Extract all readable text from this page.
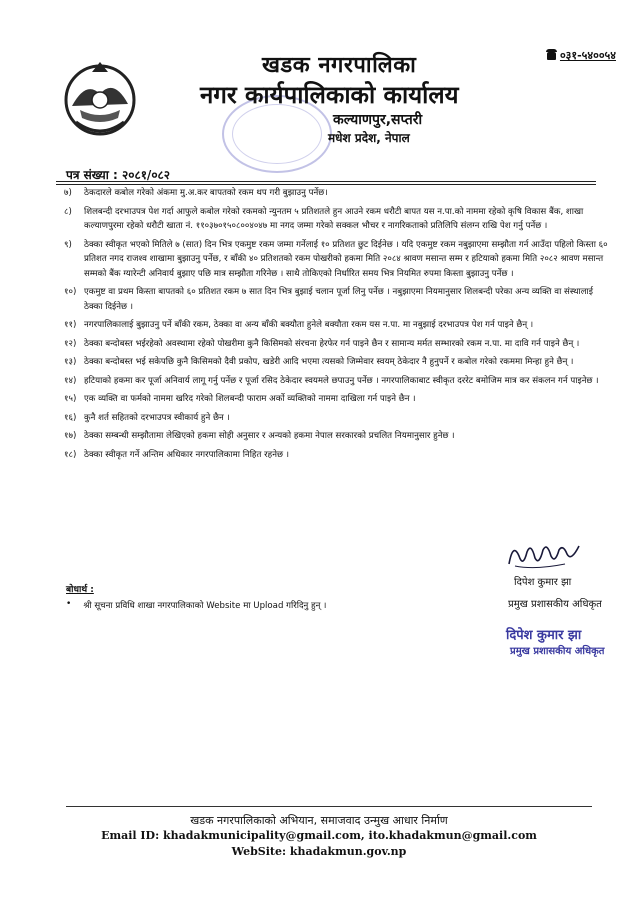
०३१-५४००५४
खडक नगरपालिका
नगर कार्यपालिकाको कार्यालय
कल्याणपुर,सप्तरी
मधेश प्रदेश, नेपाल
पत्र संख्या : २०८१/०८२
७)	ठेकदारले कबोल गरेको अंकमा मु.अ.कर बापतको रकम थप गरी बुझाउनु पर्नेछ।
८)	शिलबन्दी दरभाउपत्र पेश गर्दा आफुले कबोल गरेको रकमको न्युनतम ५ प्रतिशतले हुन आउने रकम धरौटी बापत यस न.पा.को नाममा रहेको कृषि विकास बैंक, शाखा कल्याणपुरमा रहेको धरौटी खाता नं. ११०३७०१५०८००४०४७ मा नगद जम्मा गरेको सक्कल भौचर र नागरिकताको प्रतिलिपि संलग्न राखि पेश गर्नु पर्नेछ ।
९)	ठेक्का स्वीकृत भएको मितिले ७ (सात) दिन भित्र एकमुष्ट रकम जम्मा गर्नेलाई १० प्रतिशत छुट दिईनेछ । यदि एकमुष्ट रकम नबुझाएमा सम्झौता गर्न आउँदा पहिलो किस्ता ६० प्रतिशत नगद राजश्व शाखामा बुझाउनु पर्नेछ, र बाँकी ४० प्रतिशतको रकम पोखरीको हकमा मिति २०८४ श्रावण मसान्त सम्म र हटियाको हकमा मिति २०८२ श्रावण मसान्त सम्मको बैंक ग्यारेन्टी अनिवार्य बुझाए पछि मात्र सम्झौता गरिनेछ । साथै तोकिएको निर्धारित समय भित्र नियमित रुपमा किस्ता बुझाउनु पर्नेछ ।
१०) एकमुष्ट वा प्रथम किस्ता बापतको ६० प्रतिशत रकम ७ सात दिन भित्र बुझाई चलान पूर्जा लिनु पर्नेछ । नबुझाएमा नियमानुसार शिलबन्दी परेका अन्य व्यक्ति वा संस्थालाई ठेक्का दिईनेछ ।
११) नगरपालिकालाई बुझाउनु पर्ने बाँकी रकम, ठेक्का वा अन्य बाँकी बक्यौता हुनेले बक्यौता रकम यस न.पा. मा नबुझाई दरभाउपत्र पेश गर्न पाइने छैन् ।
१२) ठेक्का बन्दोबस्त भईरहेको अवस्थामा रहेको पोखरीमा कुनै किसिमको संरचना हेरफेर गर्न पाइने छैन र सामान्य मर्मत सम्भारको रकम न.पा. मा दावि गर्न पाइने छैन् ।
१३) ठेक्का बन्दोबस्त भई सकेपछि कुनै किसिमको दैवी प्रकोप, खडेरी आदि भएमा त्यसको जिम्मेवार स्वयम् ठेकेदार नै हुनुपर्ने र कबोल गरेको रकममा मिन्हा हुने छैन् ।
१४) हटियाको हकमा कर पूर्जा अनिवार्य लागू गर्नु पर्नेछ र पूर्जा रसिद ठेकेदार स्वयमले छपाउनु पर्नेछ । नगरपालिकाबाट स्वीकृत दररेट बमोजिम मात्र कर संकलन गर्न पाइनेछ ।
१५) एक व्यक्ति वा फर्मको नाममा खरिद गरेको शिलबन्दी फाराम अर्को व्यक्तिको नाममा दाखिला गर्न पाइने छैन ।
१६) कुनै शर्त सहितको दरभाउपत्र स्वीकार्य हुने छैन ।
१७) ठेक्का सम्बन्धी सम्झौतामा लेखिएको हकमा सोही अनुसार र अन्यको हकमा नेपाल सरकारको प्रचलित नियमानुसार हुनेछ ।
१८) ठेक्का स्वीकृत गर्ने अन्तिम अधिकार नगरपालिकामा निहित रहनेछ ।
दिपेश कुमार झा
प्रमुख प्रशासकीय अधिकृत
बोधार्थ :
• श्री सूचना प्रविधि शाखा नगरपालिकाको Website मा Upload गरिदिनु हुन् ।
दिपेश कुमार झा
प्रमुख प्रशासकीय अधिकृत
खडक नगरपालिकाको अभियान, समाजवाद उन्मुख आधार निर्माण
Email ID: khadakmunicipality@gmail.com, ito.khadakmun@gmail.com
WebSite: khadakmun.gov.np
